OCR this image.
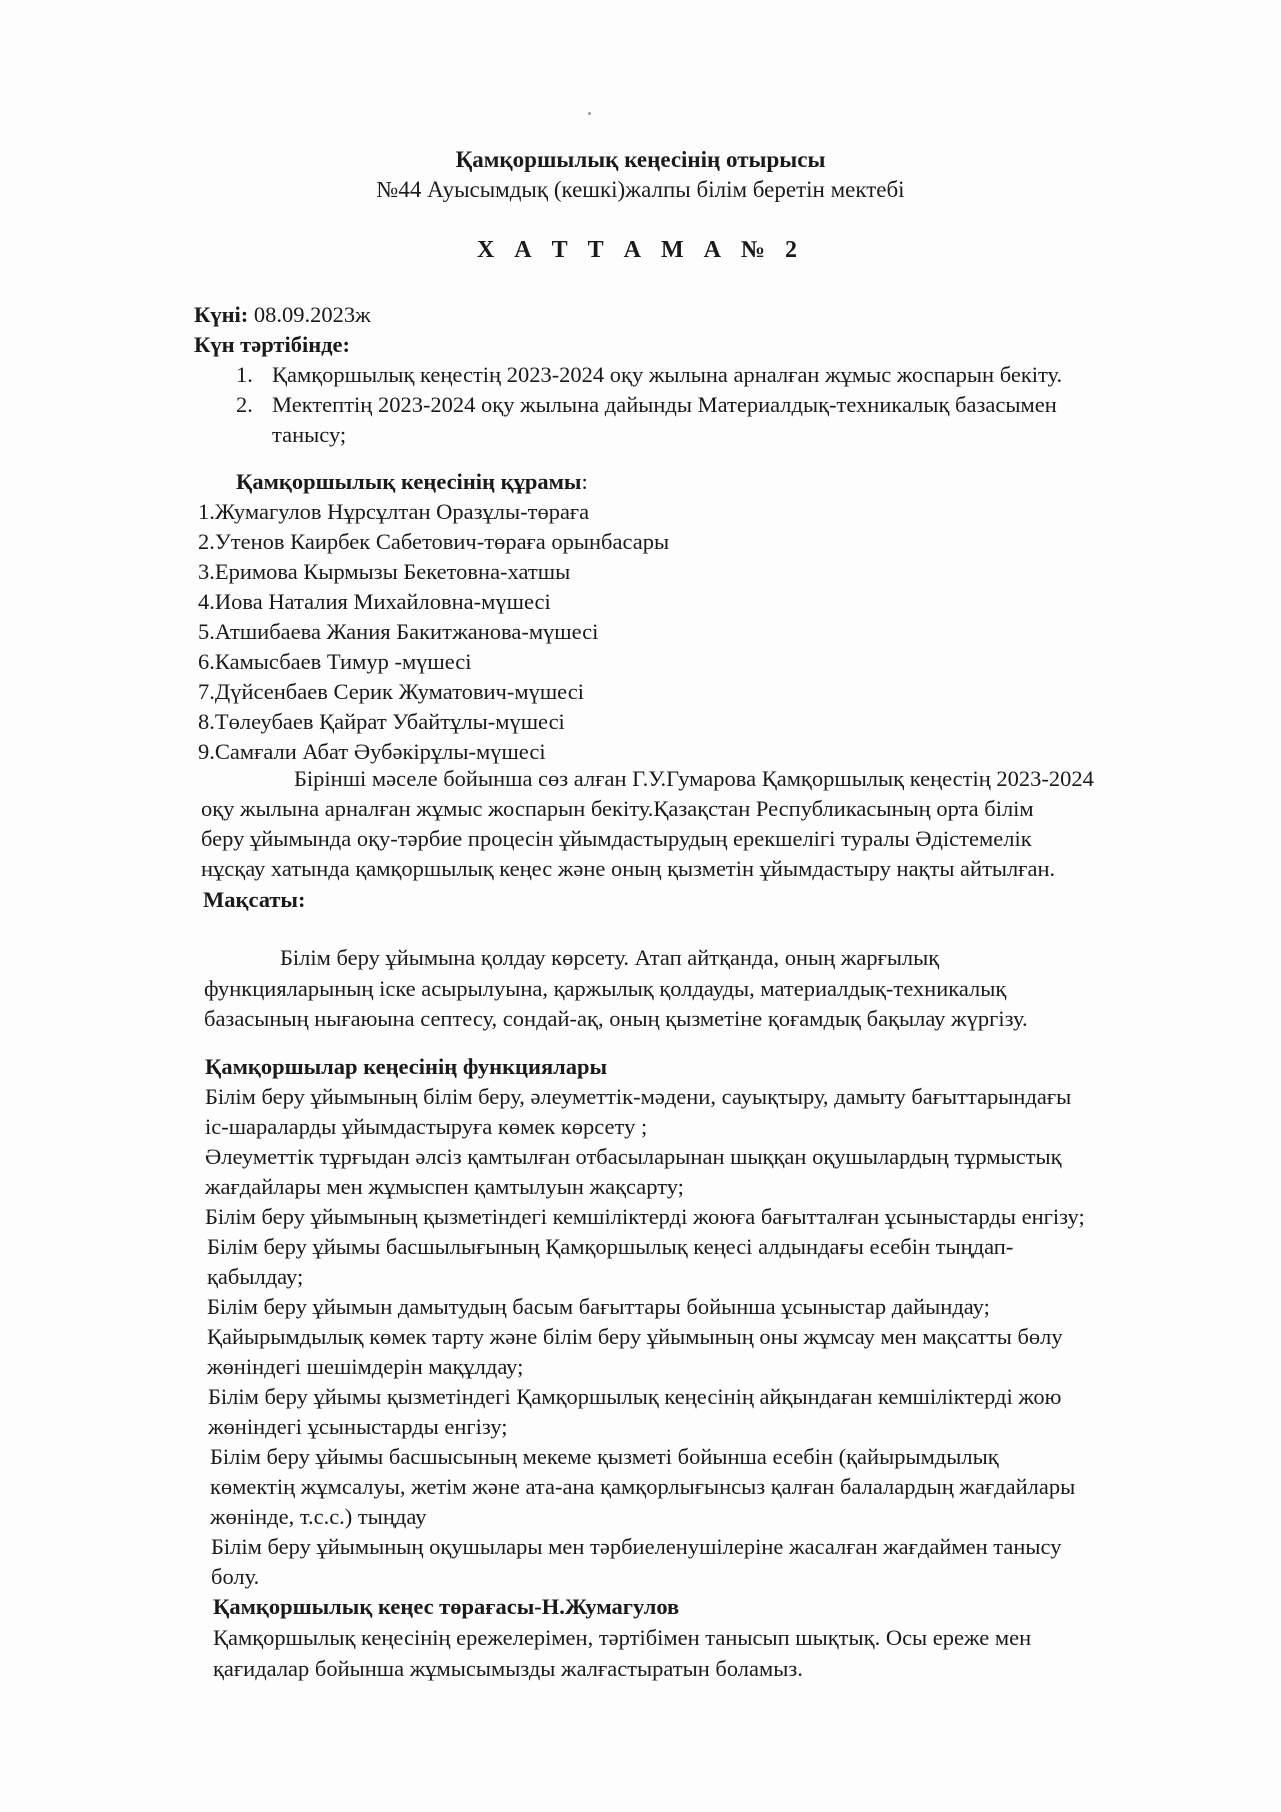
Қамқоршылық кеңесінің отырысы
№44 Ауысымдық (кешкі)жалпы білім беретін мектебі
Х А Т Т А М А № 2
Күні: 08.09.2023ж
Күн тәртібінде:
1. Қамқоршылық кеңестің 2023-2024 оқу жылына арналған жұмыс жоспарын бекіту.
2. Мектептің 2023-2024 оқу жылына дайынды Материалдық-техникалық базасымен
танысу;
Қамқоршылық кеңесінің құрамы:
1.Жумагулов Нұрсұлтан Оразұлы-төраға
2.Утенов Каирбек Сабетович-төраға орынбасары
3.Еримова Кырмызы Бекетовна-хатшы
4.Иова Наталия Михайловна-мүшесі
5.Атшибаева Жания Бакитжанова-мүшесі
6.Камысбаев Тимур -мүшесі
7.Дүйсенбаев Серик Жуматович-мүшесі
8.Төлеубаев Қайрат Убайтұлы-мүшесі
9.Самғали Абат Әубәкірұлы-мүшесі
Бірінші мәселе бойынша сөз алған Г.У.Гумарова Қамқоршылық кеңестің 2023-2024
оқу жылына арналған жұмыс жоспарын бекіту.Қазақстан Республикасының орта білім
беру ұйымында оқу-тәрбие процесін ұйымдастырудың ерекшелігі туралы Әдістемелік
нұсқау хатында қамқоршылық кеңес және оның қызметін ұйымдастыру нақты айтылған.
Мақсаты:
Білім беру ұйымына қолдау көрсету. Атап айтқанда, оның жарғылық
функцияларының іске асырылуына, қаржылық қолдауды, материалдық-техникалық
базасының нығаюына септесу, сондай-ақ, оның қызметіне қоғамдық бақылау жүргізу.
Қамқоршылар кеңесінің функциялары
Білім беру ұйымының білім беру, әлеуметтік-мәдени, сауықтыру, дамыту бағыттарындағы
іс-шараларды ұйымдастыруға көмек көрсету ;
Әлеуметтік тұрғыдан әлсіз қамтылған отбасыларынан шыққан оқушылардың тұрмыстық
жағдайлары мен жұмыспен қамтылуын жақсарту;
Білім беру ұйымының қызметіндегі кемшіліктерді жоюға бағытталған ұсыныстарды енгізу;
Білім беру ұйымы басшылығының Қамқоршылық кеңесі алдындағы есебін тыңдап-
қабылдау;
Білім беру ұйымын дамытудың басым бағыттары бойынша ұсыныстар дайындау;
Қайырымдылық көмек тарту және білім беру ұйымының оны жұмсау мен мақсатты бөлу
жөніндегі шешімдерін мақұлдау;
Білім беру ұйымы қызметіндегі Қамқоршылық кеңесінің айқындаған кемшіліктерді жою
жөніндегі ұсыныстарды енгізу;
Білім беру ұйымы басшысының мекеме қызметі бойынша есебін (қайырымдылық
көмектің жұмсалуы, жетім және ата-ана қамқорлығынсыз қалған балалардың жағдайлары
жөнінде, т.с.с.) тыңдау
Білім беру ұйымының оқушылары мен тәрбиеленушілеріне жасалған жағдаймен танысу
болу.
Қамқоршылық кеңес төрағасы-Н.Жумагулов
Қамқоршылық кеңесінің ережелерімен, тәртібімен танысып шықтық. Осы ереже мен
қағидалар бойынша жұмысымызды жалғастыратын боламыз.
